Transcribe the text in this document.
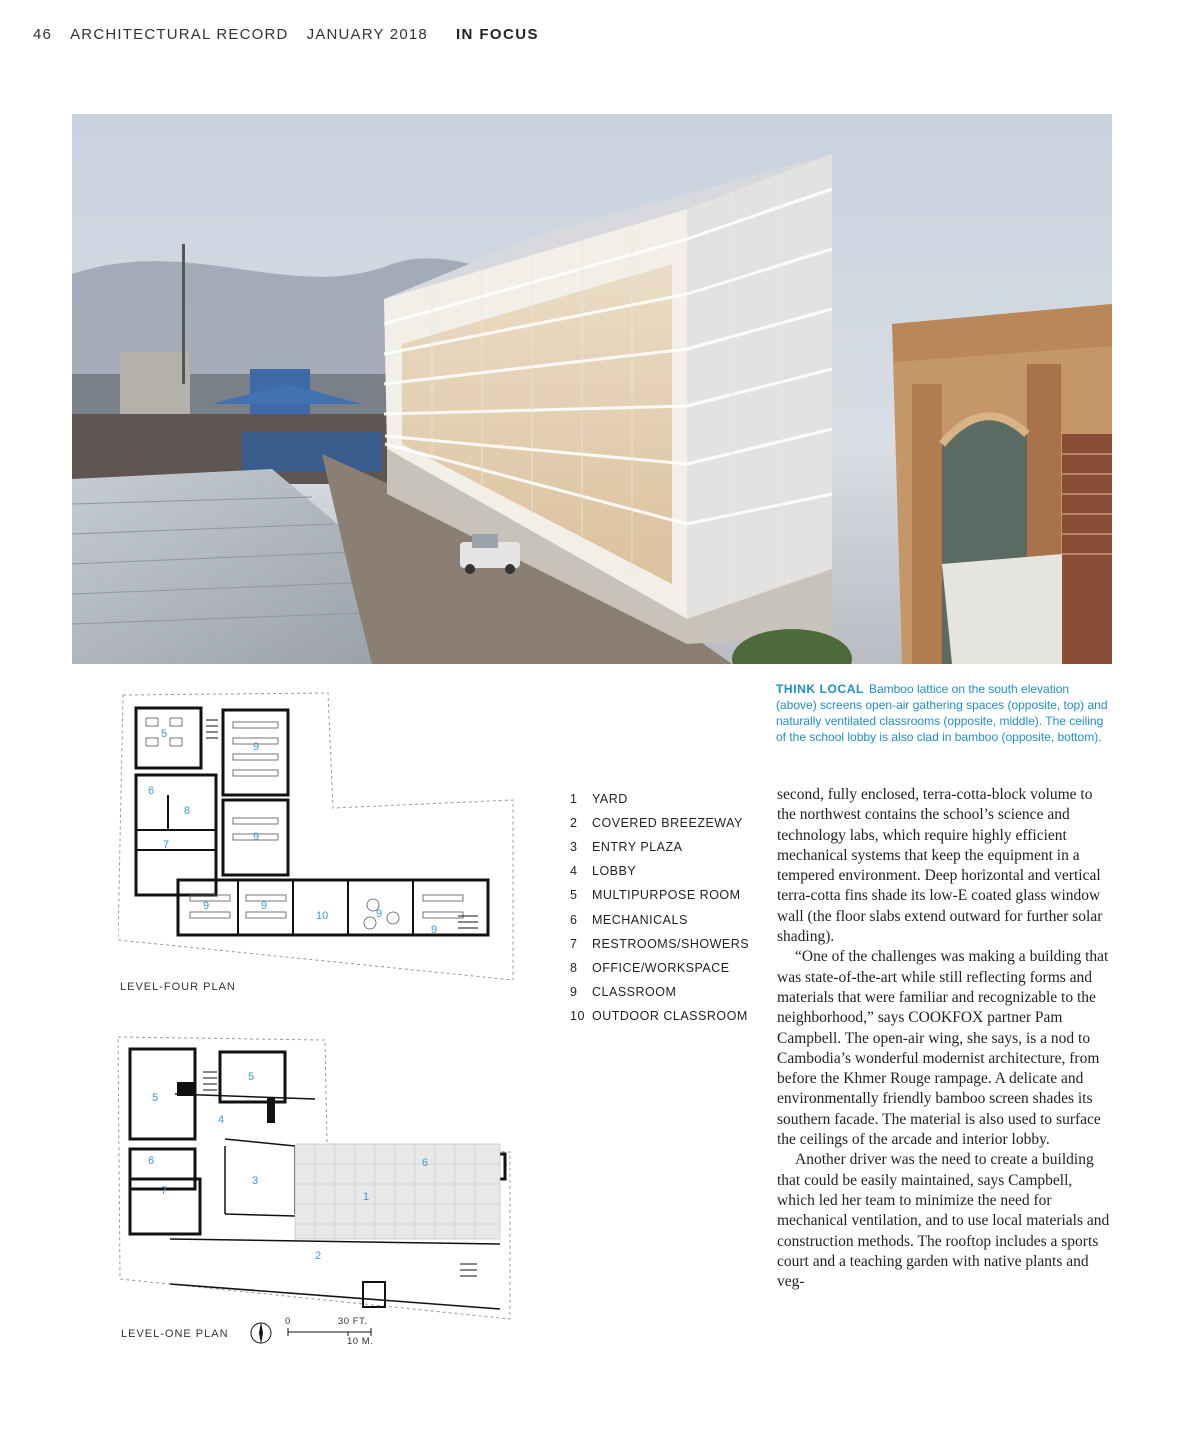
46 ARCHITECTURAL RECORD JANUARY 2018 IN FOCUS
THINK LOCAL Bamboo lattice on the south elevation (above) screens open-air gathering spaces (opposite, top) and naturally ventilated classrooms (opposite, middle). The ceiling of the school lobby is also clad in bamboo (opposite, bottom).
5
9
6
8
9
7
9	9
10	9
9
LEVEL-FOUR PLAN
5
5
4
6	6
3
7	1
2
LEVEL-ONE PLAN
0	30 FT.
10 M.
1	YARD
2	COVERED BREEZEWAY
3	ENTRY PLAZA
4	LOBBY
5	MULTIPURPOSE ROOM
6	MECHANICALS
7	RESTROOMS/SHOWERS
8	OFFICE/WORKSPACE
9	CLASSROOM
10 OUTDOOR CLASSROOM

second, fully enclosed, terra-cotta-block volume to the northwest contains the school’s science and technology labs, which require highly efficient mechanical systems that keep the equipment in a tempered environment. Deep horizontal and vertical terra-cotta fins shade its low-E coated glass window wall (the floor slabs extend outward for further solar shading).

“One of the challenges was making a building that was state-of-the-art while still reflecting forms and materials that were familiar and recognizable to the neighborhood,” says COOKFOX partner Pam Campbell. The open-air wing, she says, is a nod to Cambodia’s wonderful modernist architecture, from before the Khmer Rouge rampage. A delicate and environmentally friendly bamboo screen shades its southern facade. The material is also used to surface the ceilings of the arcade and interior lobby.

Another driver was the need to create a building that could be easily maintained, says Campbell, which led her team to minimize the need for mechanical ventilation, and to use local materials and construction methods. The rooftop includes a sports court and a teaching garden with native plants and veg-
